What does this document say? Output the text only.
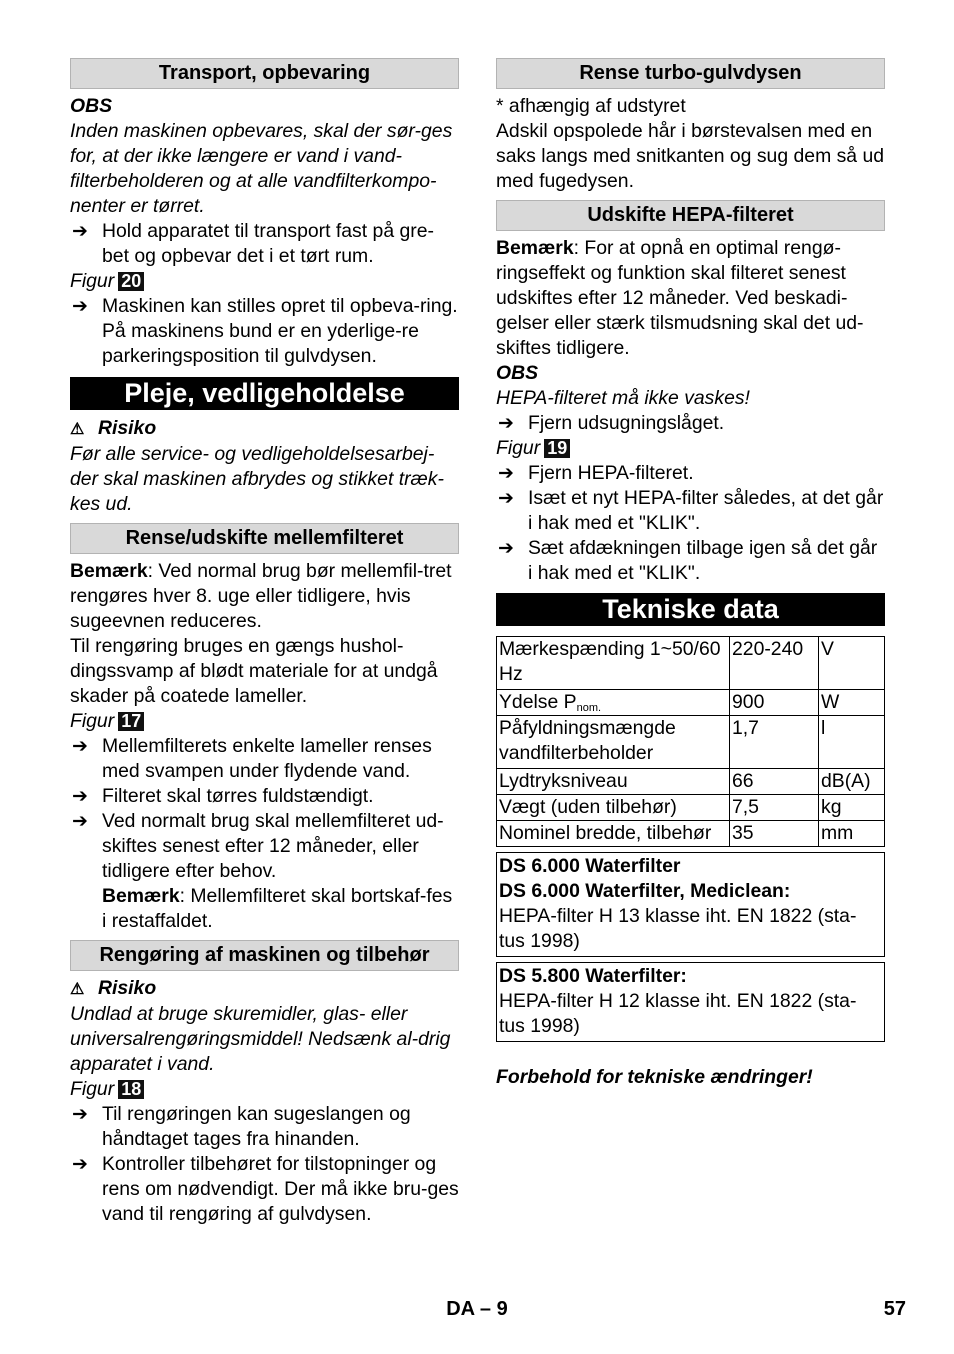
Transport, opbevaring

OBS

Inden maskinen opbevares, skal der sør-ges for, at der ikke længere er vand i vand-filterbeholderen og at alle vandfilterkompo-nenter er tørret.

➔ Hold apparatet til transport fast på gre-bet og opbevar det i et tørt rum.

Figur 20

➔ Maskinen kan stilles opret til opbeva-ring. På maskinens bund er en yderlige-re parkeringsposition til gulvdysen.

Pleje, vedligeholdelse

⚠ Risiko

Før alle service- og vedligeholdelsesarbej-der skal maskinen afbrydes og stikket træk-kes ud.

Rense/udskifte mellemfilteret

Bemærk: Ved normal brug bør mellemfil-tret rengøres hver 8. uge eller tidligere, hvis sugeevnen reduceres.

Til rengøring bruges en gængs hushol-dingssvamp af blødt materiale for at undgå skader på coatede lameller.

Figur 17

➔ Mellemfilterets enkelte lameller renses med svampen under flydende vand.

➔ Filteret skal tørres fuldstændigt.

➔ Ved normalt brug skal mellemfilteret ud-skiftes senest efter 12 måneder, eller tidligere efter behov.

Bemærk: Mellemfilteret skal bortskaf-fes i restaffaldet.

Rengøring af maskinen og tilbehør

⚠ Risiko

Undlad at bruge skuremidler, glas- eller universalrengøringsmiddel! Nedsænk al-drig apparatet i vand.

Figur 18

➔ Til rengøringen kan sugeslangen og håndtaget tages fra hinanden.

➔ Kontroller tilbehøret for tilstopninger og rens om nødvendigt. Der må ikke bru-ges vand til rengøring af gulvdysen.

Rense turbo-gulvdysen

* afhængig af udstyret

Adskil opspolede hår i børstevalsen med en saks langs med snitkanten og sug dem så ud med fugedysen.

Udskifte HEPA-filteret

Bemærk: For at opnå en optimal rengø-ringseffekt og funktion skal filteret senest udskiftes efter 12 måneder. Ved beskadi-gelser eller stærk tilsmudsning skal det ud-skiftes tidligere.

OBS

HEPA-filteret må ikke vaskes!

➔ Fjern udsugningslåget.

Figur 19

➔ Fjern HEPA-filteret.

➔ Isæt et nyt HEPA-filter således, at det går i hak med et "KLIK".

➔ Sæt afdækningen tilbage igen så det går i hak med et "KLIK".

Tekniske data
Mærkespænding 1~50/60 Hz	220-240	V
Ydelse $P_{nom.}$	900	W
Påfyldningsmængde vandfilterbeholder	1,7	l
Lydtryksniveau	66	dB(A)
Vægt (uden tilbehør)	7,5	kg
Nominel bredde, tilbehør	35	mm

DS 6.000 Waterfilter

DS 6.000 Waterfilter, Mediclean:

HEPA-filter H 13 klasse iht. EN 1822 (sta-tus 1998)

DS 5.800 Waterfilter:

HEPA-filter H 12 klasse iht. EN 1822 (sta-tus 1998)

Forbehold for tekniske ændringer!

DA – 9	57
